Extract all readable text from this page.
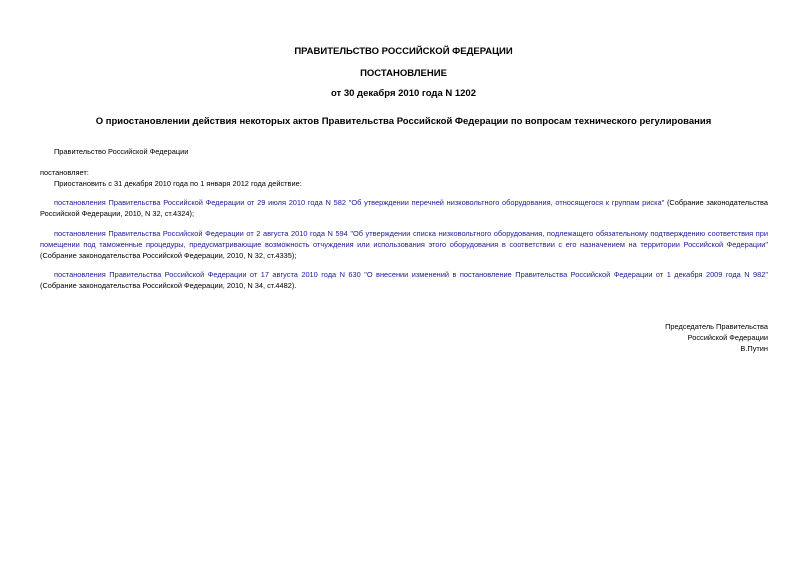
ПРАВИТЕЛЬСТВО РОССИЙСКОЙ ФЕДЕРАЦИИ
ПОСТАНОВЛЕНИЕ
от 30 декабря 2010 года N 1202
О приостановлении действия некоторых актов Правительства Российской Федерации по вопросам технического регулирования
Правительство Российской Федерации
постановляет:
Приостановить с 31 декабря 2010 года по 1 января 2012 года действие:
постановления Правительства Российской Федерации от 29 июля 2010 года N 582 "Об утверждении перечней низковольтного оборудования, относящегося к группам риска" (Собрание законодательства Российской Федерации, 2010, N 32, ст.4324);
постановления Правительства Российской Федерации от 2 августа 2010 года N 594 "Об утверждении списка низковольтного оборудования, подлежащего обязательному подтверждению соответствия при помещении под таможенные процедуры, предусматривающие возможность отчуждения или использования этого оборудования в соответствии с его назначением на территории Российской Федерации" (Собрание законодательства Российской Федерации, 2010, N 32, ст.4335);
постановления Правительства Российской Федерации от 17 августа 2010 года N 630 "О внесении изменений в постановление Правительства Российской Федерации от 1 декабря 2009 года N 982" (Собрание законодательства Российской Федерации, 2010, N 34, ст.4482).
Председатель Правительства
Российской Федерации
В.Путин
